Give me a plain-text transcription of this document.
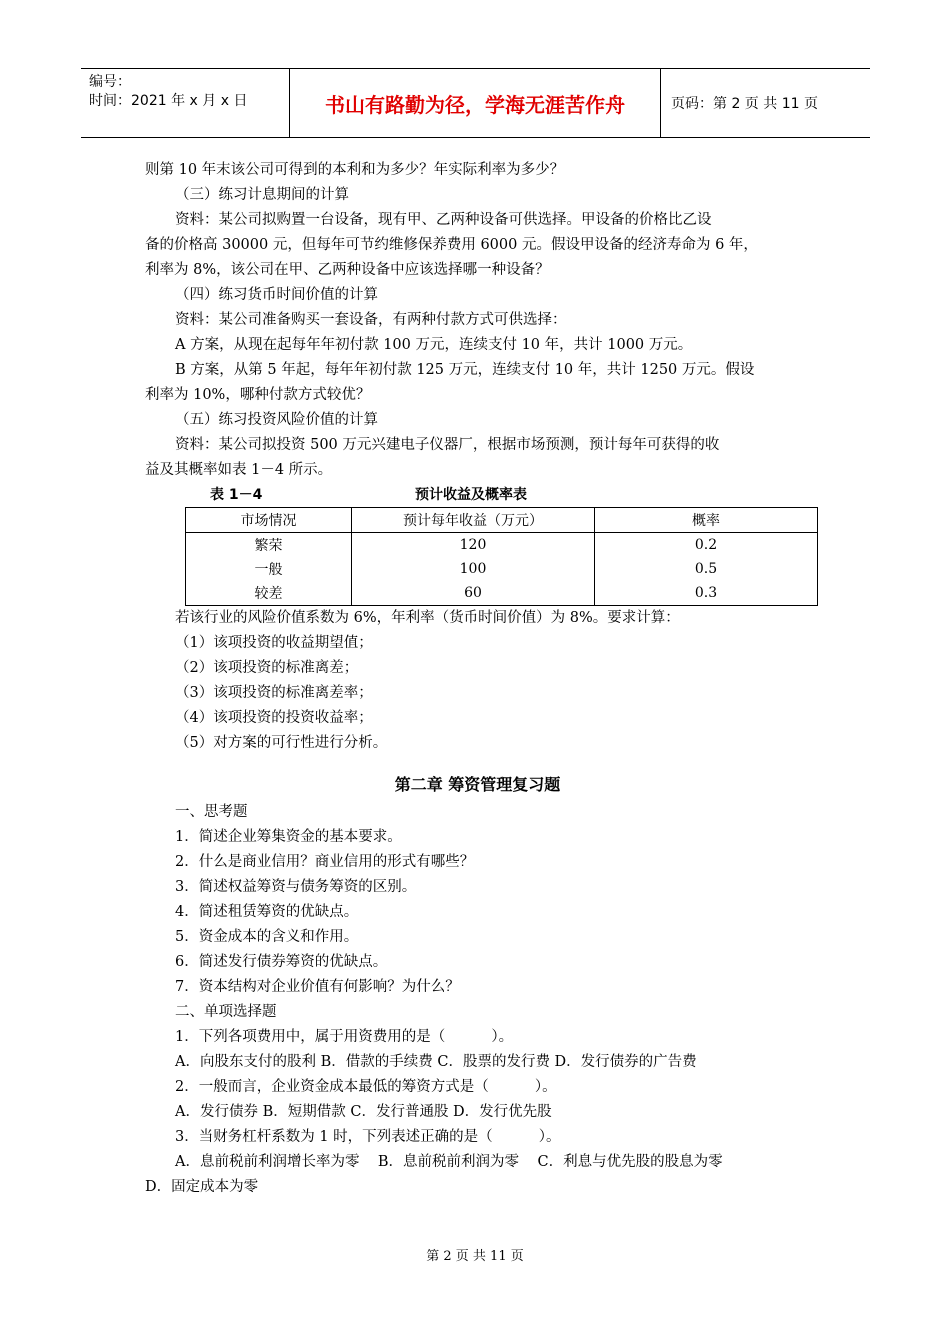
编号：
时间：2021 年 x 月 x 日	书山有路勤为径，学海无涯苦作舟	页码：第 2 页 共 11 页
则第 10 年末该公司可得到的本利和为多少？年实际利率为多少？
（三）练习计息期间的计算
资料：某公司拟购置一台设备，现有甲、乙两种设备可供选择。甲设备的价格比乙设
备的价格高 30000 元，但每年可节约维修保养费用 6000 元。假设甲设备的经济寿命为 6 年，
利率为 8%，该公司在甲、乙两种设备中应该选择哪一种设备？
（四）练习货币时间价值的计算
资料：某公司准备购买一套设备，有两种付款方式可供选择：
A 方案，从现在起每年年初付款 100 万元，连续支付 10 年，共计 1000 万元。
B 方案，从第 5 年起，每年年初付款 125 万元，连续支付 10 年，共计 1250 万元。假设
利率为 10%，哪种付款方式较优？
（五）练习投资风险价值的计算
资料：某公司拟投资 500 万元兴建电子仪器厂，根据市场预测，预计每年可获得的收
益及其概率如表 1－4 所示。
表 1－4	预计收益及概率表
市场情况	预计每年收益（万元）	概率
繁荣	120	0.2
一般	100	0.5
较差	60	0.3
若该行业的风险价值系数为 6%，年利率（货币时间价值）为 8%。要求计算：
（1）该项投资的收益期望值；
（2）该项投资的标准离差；
（3）该项投资的标准离差率；
（4）该项投资的投资收益率；
（5）对方案的可行性进行分析。
第二章 筹资管理复习题
一、思考题
1．简述企业筹集资金的基本要求。
2．什么是商业信用？商业信用的形式有哪些？
3．简述权益筹资与债务筹资的区别。
4．简述租赁筹资的优缺点。
5．资金成本的含义和作用。
6．简述发行债券筹资的优缺点。
7．资本结构对企业价值有何影响？为什么？
二、单项选择题
1．下列各项费用中，属于用资费用的是（          ）。
A．向股东支付的股利 B．借款的手续费 C．股票的发行费 D．发行债券的广告费
2．一般而言，企业资金成本最低的筹资方式是（          ）。
A．发行债券 B．短期借款 C．发行普通股 D．发行优先股
3．当财务杠杆系数为 1 时，下列表述正确的是（          ）。
A．息前税前利润增长率为零    B．息前税前利润为零    C．利息与优先股的股息为零
D．固定成本为零
第 2 页 共 11 页
